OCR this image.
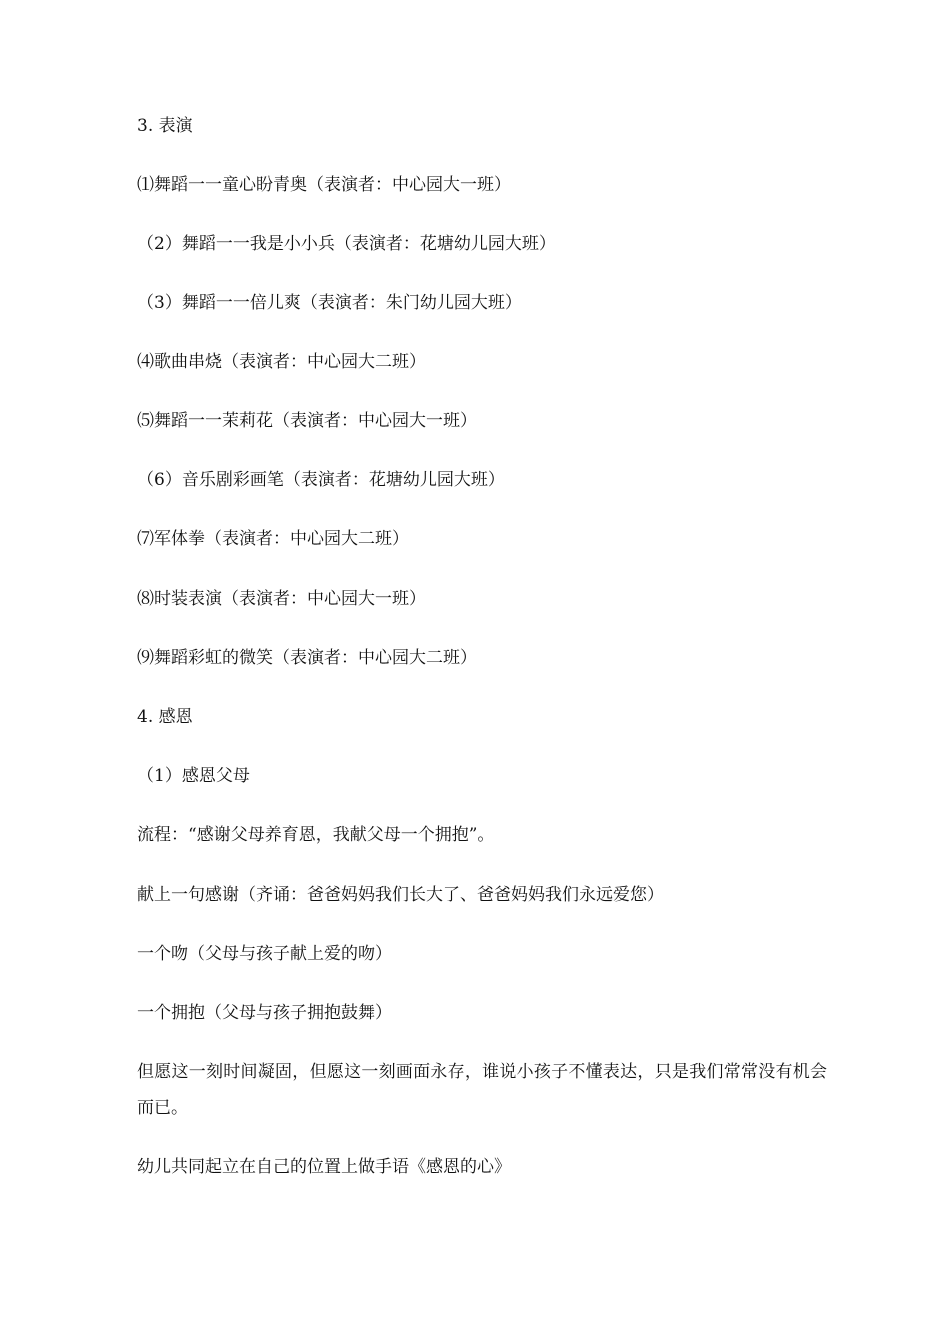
3. 表演
⑴舞蹈一一童心盼青奥（表演者：中心园大一班）
（2）舞蹈一一我是小小兵（表演者：花塘幼儿园大班）
（3）舞蹈一一倍儿爽（表演者：朱门幼儿园大班）
⑷歌曲串烧（表演者：中心园大二班）
⑸舞蹈一一茉莉花（表演者：中心园大一班）
（6）音乐剧彩画笔（表演者：花塘幼儿园大班）
⑺军体拳（表演者：中心园大二班）
⑻时装表演（表演者：中心园大一班）
⑼舞蹈彩虹的微笑（表演者：中心园大二班）
4. 感恩
（1）感恩父母
流程：“感谢父母养育恩，我献父母一个拥抱”。
献上一句感谢（齐诵：爸爸妈妈我们长大了、爸爸妈妈我们永远爱您）
一个吻（父母与孩子献上爱的吻）
一个拥抱（父母与孩子拥抱鼓舞）
但愿这一刻时间凝固，但愿这一刻画面永存，谁说小孩子不懂表达，只是我们常常没有机会而已。
幼儿共同起立在自己的位置上做手语《感恩的心》
